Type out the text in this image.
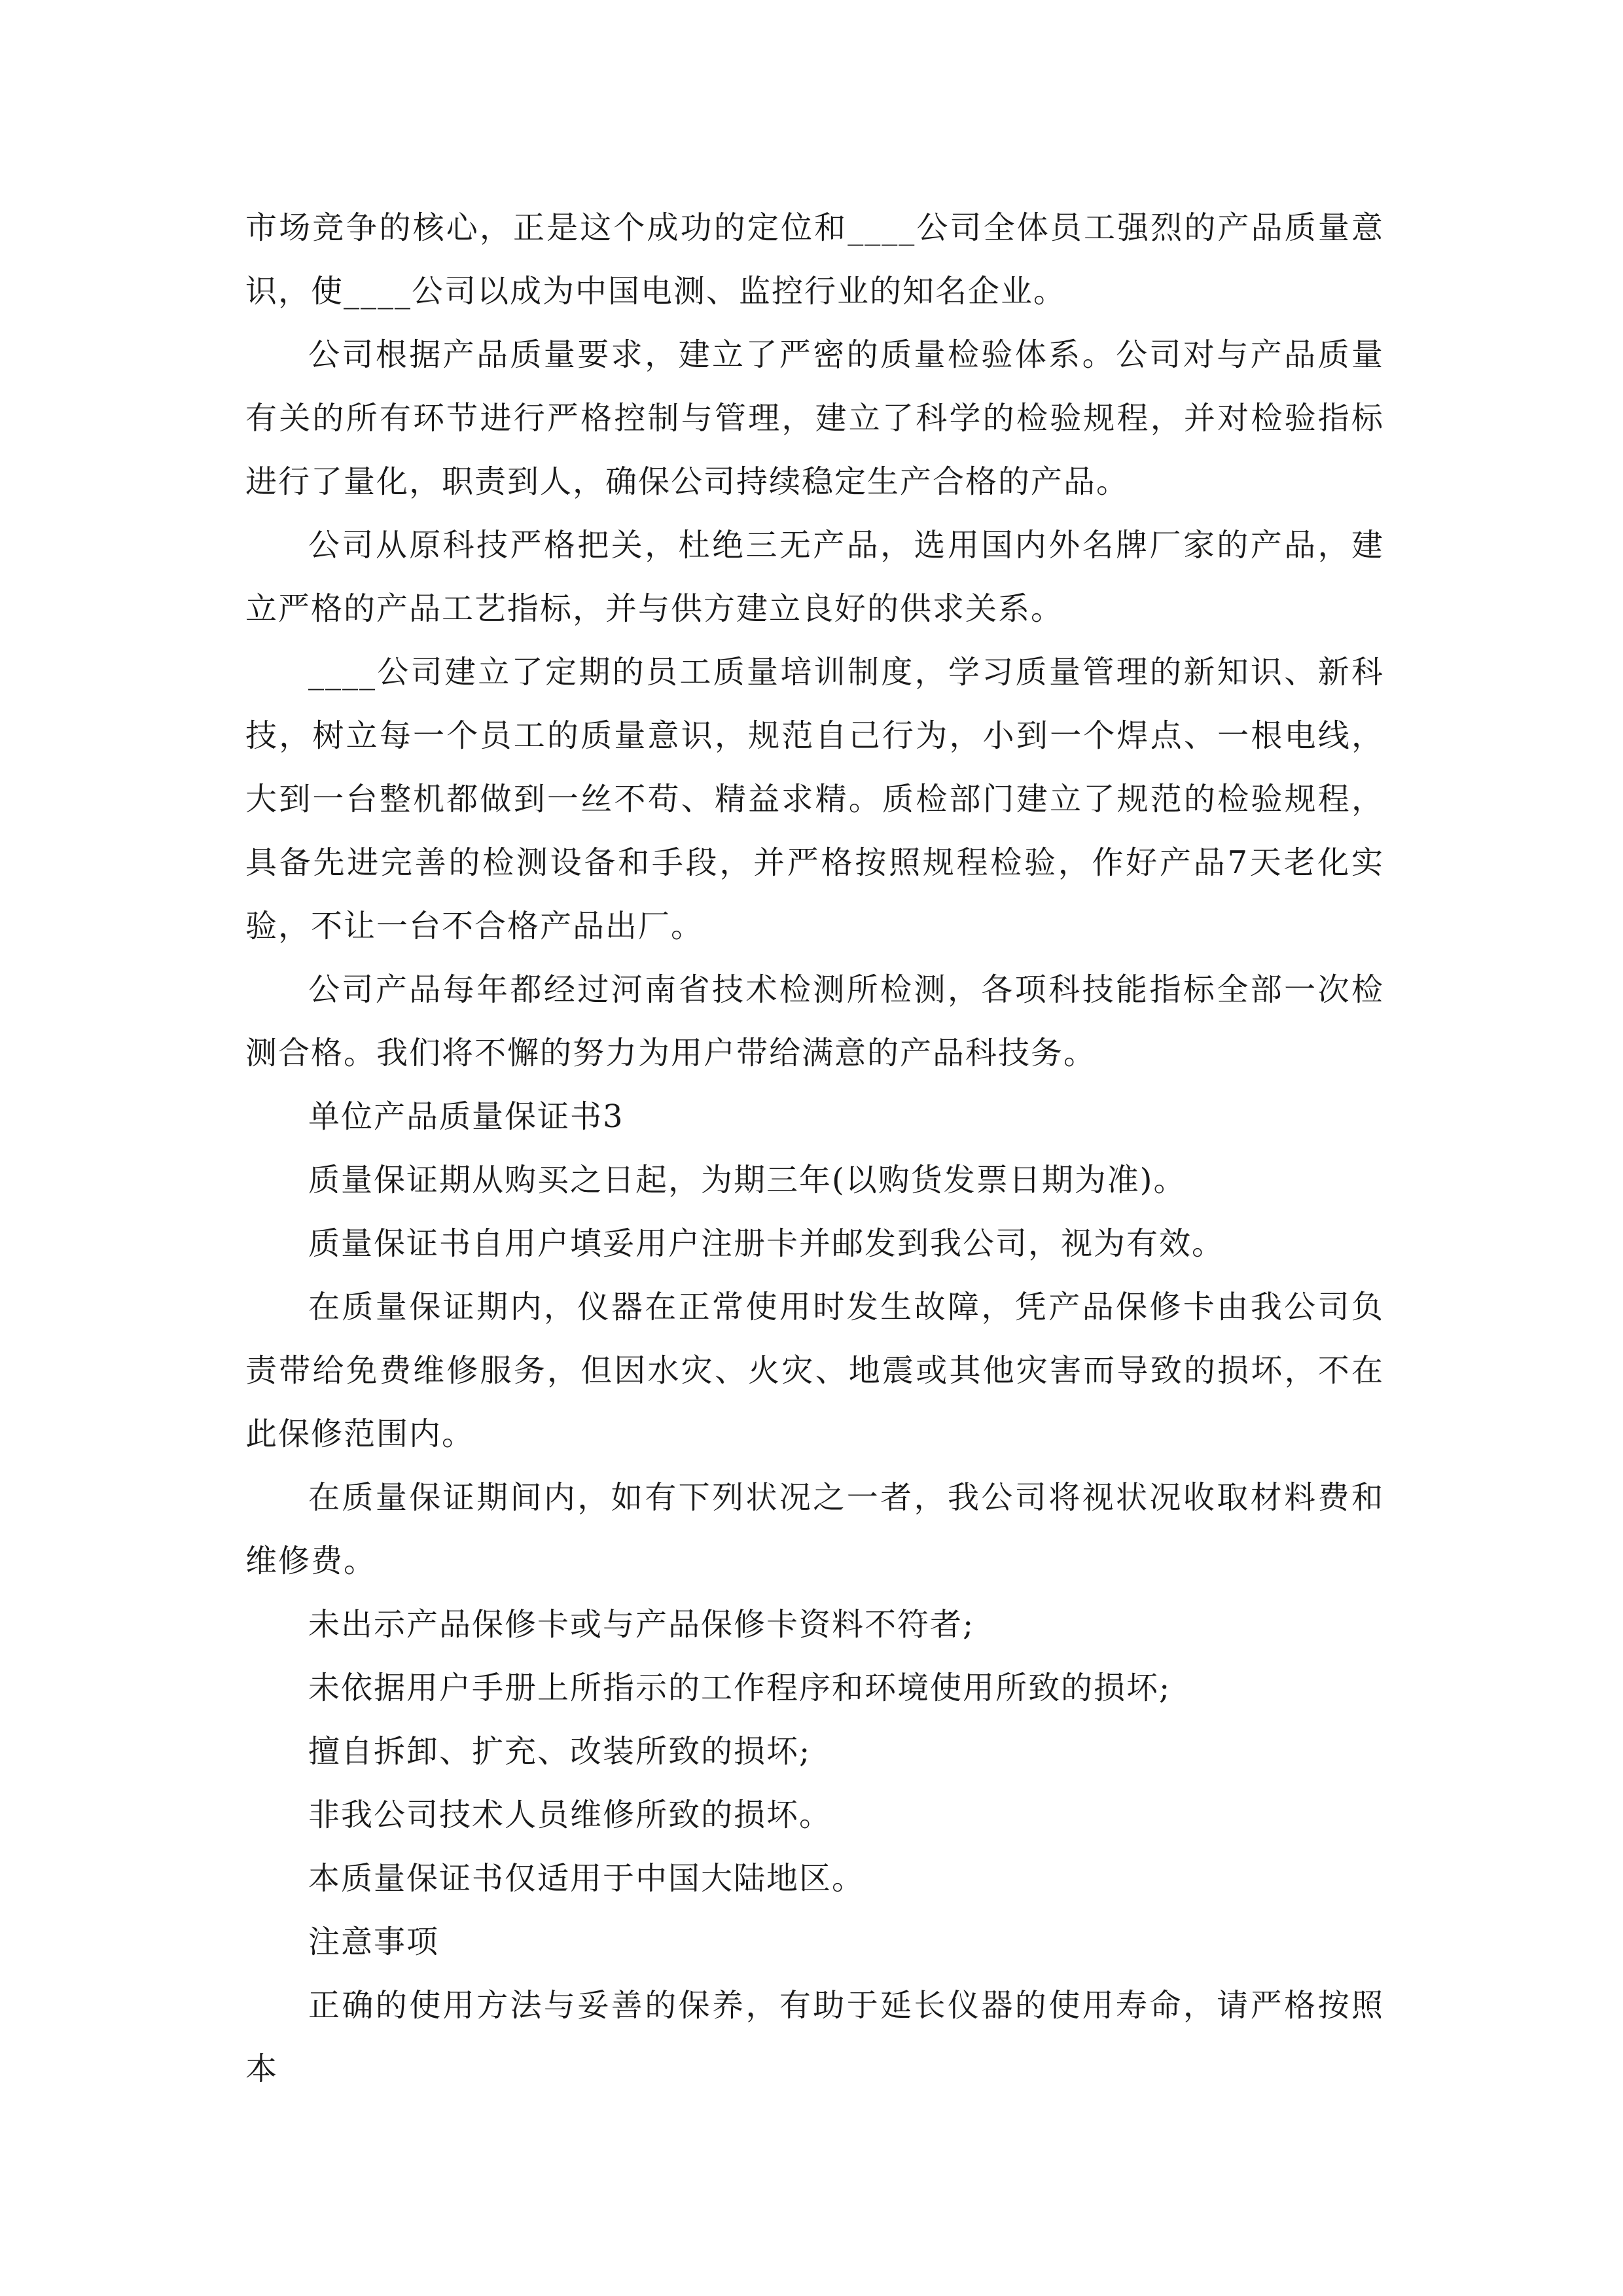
市场竞争的核心，正是这个成功的定位和____公司全体员工强烈的产品质量意识，使____公司以成为中国电测、监控行业的知名企业。

公司根据产品质量要求，建立了严密的质量检验体系。公司对与产品质量有关的所有环节进行严格控制与管理，建立了科学的检验规程，并对检验指标进行了量化，职责到人，确保公司持续稳定生产合格的产品。

公司从原科技严格把关，杜绝三无产品，选用国内外名牌厂家的产品，建立严格的产品工艺指标，并与供方建立良好的供求关系。

____公司建立了定期的员工质量培训制度，学习质量管理的新知识、新科技，树立每一个员工的质量意识，规范自己行为，小到一个焊点、一根电线，大到一台整机都做到一丝不苟、精益求精。质检部门建立了规范的检验规程，具备先进完善的检测设备和手段，并严格按照规程检验，作好产品7天老化实验，不让一台不合格产品出厂。

公司产品每年都经过河南省技术检测所检测，各项科技能指标全部一次检测合格。我们将不懈的努力为用户带给满意的产品科技务。

单位产品质量保证书3

质量保证期从购买之日起，为期三年(以购货发票日期为准)。

质量保证书自用户填妥用户注册卡并邮发到我公司，视为有效。

在质量保证期内，仪器在正常使用时发生故障，凭产品保修卡由我公司负责带给免费维修服务，但因水灾、火灾、地震或其他灾害而导致的损坏，不在此保修范围内。

在质量保证期间内，如有下列状况之一者，我公司将视状况收取材料费和维修费。

未出示产品保修卡或与产品保修卡资料不符者;

未依据用户手册上所指示的工作程序和环境使用所致的损坏;

擅自拆卸、扩充、改装所致的损坏;

非我公司技术人员维修所致的损坏。

本质量保证书仅适用于中国大陆地区。

注意事项

正确的使用方法与妥善的保养，有助于延长仪器的使用寿命，请严格按照本
